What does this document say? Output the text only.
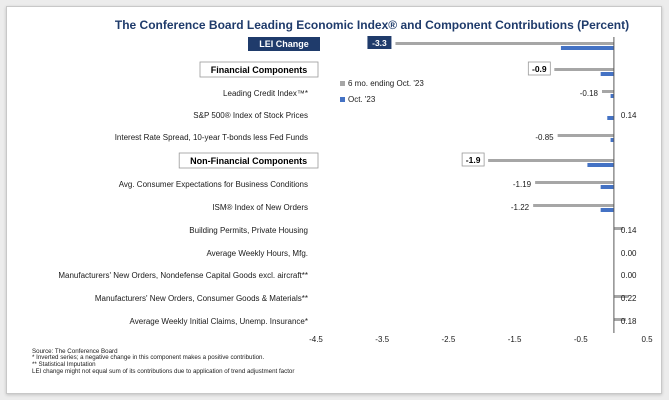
The Conference Board Leading Economic Index® and Component Contributions (Percent)
LEI Change	-3.3
Financial Components	-0.9
Leading Credit Index™*	-0.18
S&P 500® Index of Stock Prices	0.14
Interest Rate Spread, 10-year T-bonds less Fed Funds	-0.85
Non-Financial Components	-1.9
Avg. Consumer Expectations for Business Conditions	-1.19
ISM® Index of New Orders	-1.22
Building Permits, Private Housing	0.14
Average Weekly Hours, Mfg.	0.00
Manufacturers' New Orders, Nondefense Capital Goods excl. aircraft**	0.00
Manufacturers' New Orders, Consumer Goods & Materials**	0.22
Average Weekly Initial Claims, Unemp. Insurance*	0.18
-4.5	-3.5	-2.5	-1.5	-0.5	0.5
6 mo. ending Oct. '23
Oct. '23
Source: The Conference Board
* Inverted series; a negative change in this component makes a positive contribution.
** Statistical Imputation
LEI change might not equal sum of its contributions due to application of trend adjustment factor
